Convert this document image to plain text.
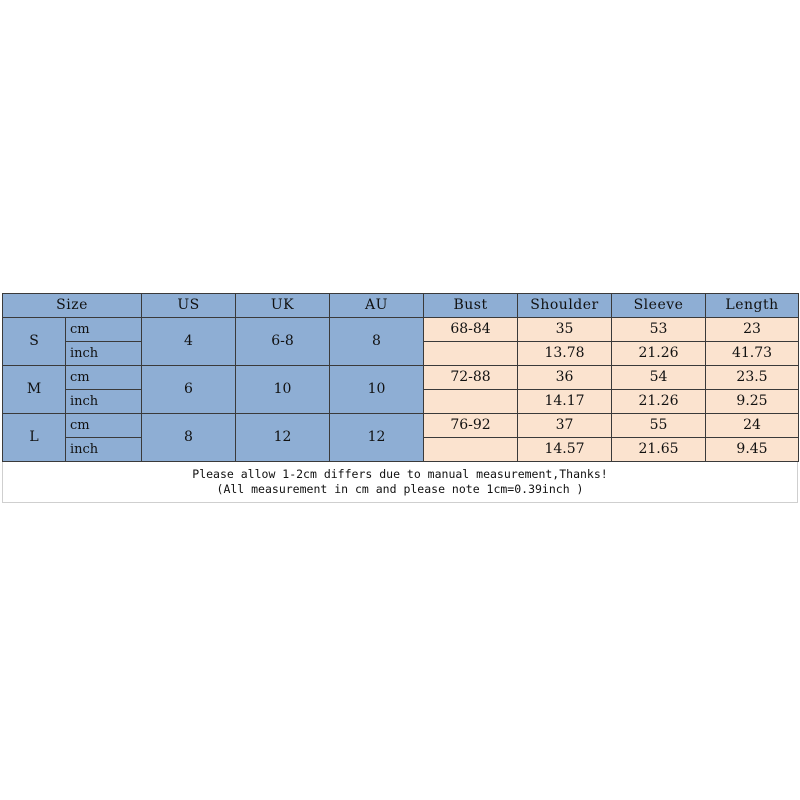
Size		US	UK	AU	Bust	Shoulder	Sleeve	Length
S	cm	4	6-8	8	68-84	35	53	23
	inch					13.78	21.26	41.73
M	cm	6	10	10	72-88	36	54	23.5
	inch					14.17	21.26	9.25
L	cm	8	12	12	76-92	37	55	24
	inch					14.57	21.65	9.45
Please allow 1-2cm differs due to manual measurement,Thanks!
(All measurement in cm and please note 1cm=0.39inch )
